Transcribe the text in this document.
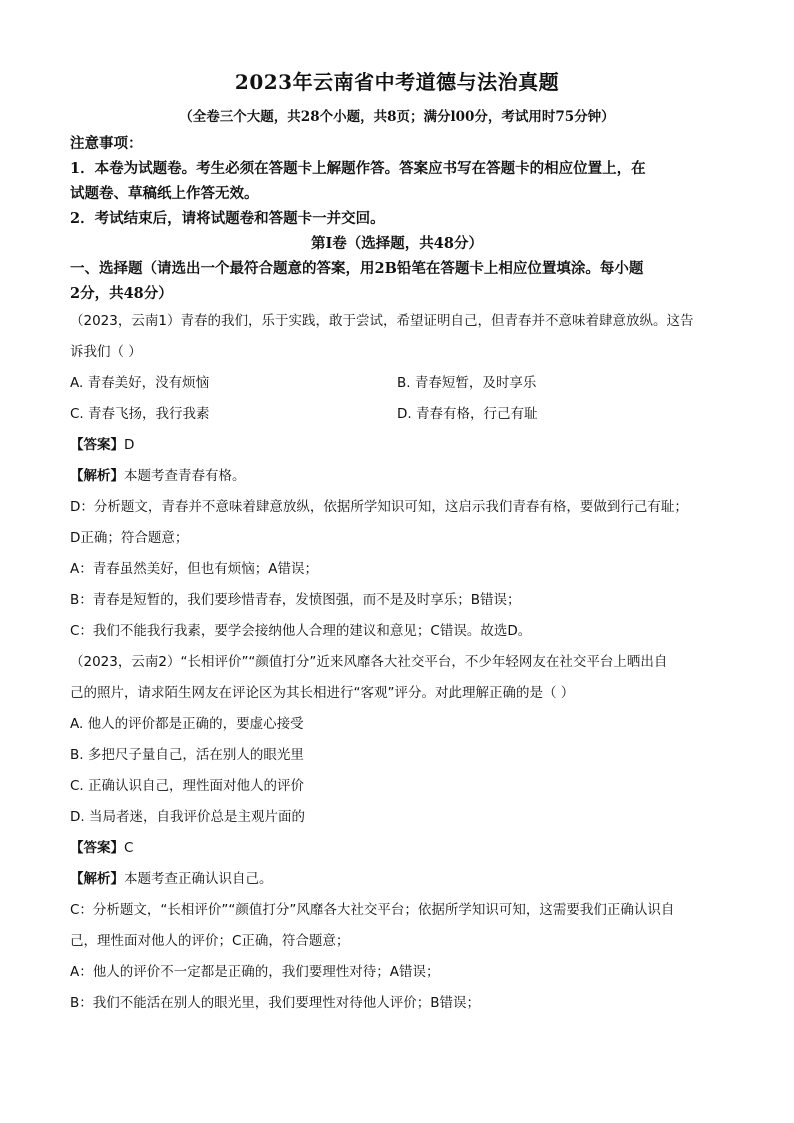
2023年云南省中考道德与法治真题

（全卷三个大题，共28个小题，共8页；满分l00分，考试用时75分钟）

注意事项：

1．本卷为试题卷。考生必须在答题卡上解题作答。答案应书写在答题卡的相应位置上，在

试题卷、草稿纸上作答无效。

2．考试结束后，请将试题卷和答题卡一并交回。

第Ⅰ卷（选择题，共48分）

一、选择题（请选出一个最符合题意的答案，用2B铅笔在答题卡上相应位置填涂。每小题

2分，共48分）

（2023，云南1）青春的我们，乐于实践，敢于尝试，希望证明自己，但青春并不意味着肆意放纵。这告

诉我们（ ）

A. 青春美好，没有烦恼	B. 青春短暂，及时享乐
C. 青春飞扬，我行我素	D. 青春有格，行己有耻

【答案】D

【解析】本题考查青春有格。

D：分析题文，青春并不意味着肆意放纵，依据所学知识可知，这启示我们青春有格，要做到行己有耻；

D正确；符合题意；

A：青春虽然美好，但也有烦恼；A错误；

B：青春是短暂的，我们要珍惜青春，发愤图强，而不是及时享乐；B错误；

C：我们不能我行我素，要学会接纳他人合理的建议和意见；C错误。故选D。

（2023，云南2）“长相评价”“颜值打分”近来风靡各大社交平台，不少年轻网友在社交平台上晒出自

己的照片，请求陌生网友在评论区为其长相进行“客观”评分。对此理解正确的是（ ）

A. 他人的评价都是正确的，要虚心接受

B. 多把尺子量自己，活在别人的眼光里

C. 正确认识自己，理性面对他人的评价

D. 当局者迷，自我评价总是主观片面的

【答案】C

【解析】本题考查正确认识自己。

C：分析题文，“长相评价”“颜值打分”风靡各大社交平台；依据所学知识可知，这需要我们正确认识自

己，理性面对他人的评价；C正确，符合题意；

A：他人的评价不一定都是正确的，我们要理性对待；A错误；

B：我们不能活在别人的眼光里，我们要理性对待他人评价；B错误；
